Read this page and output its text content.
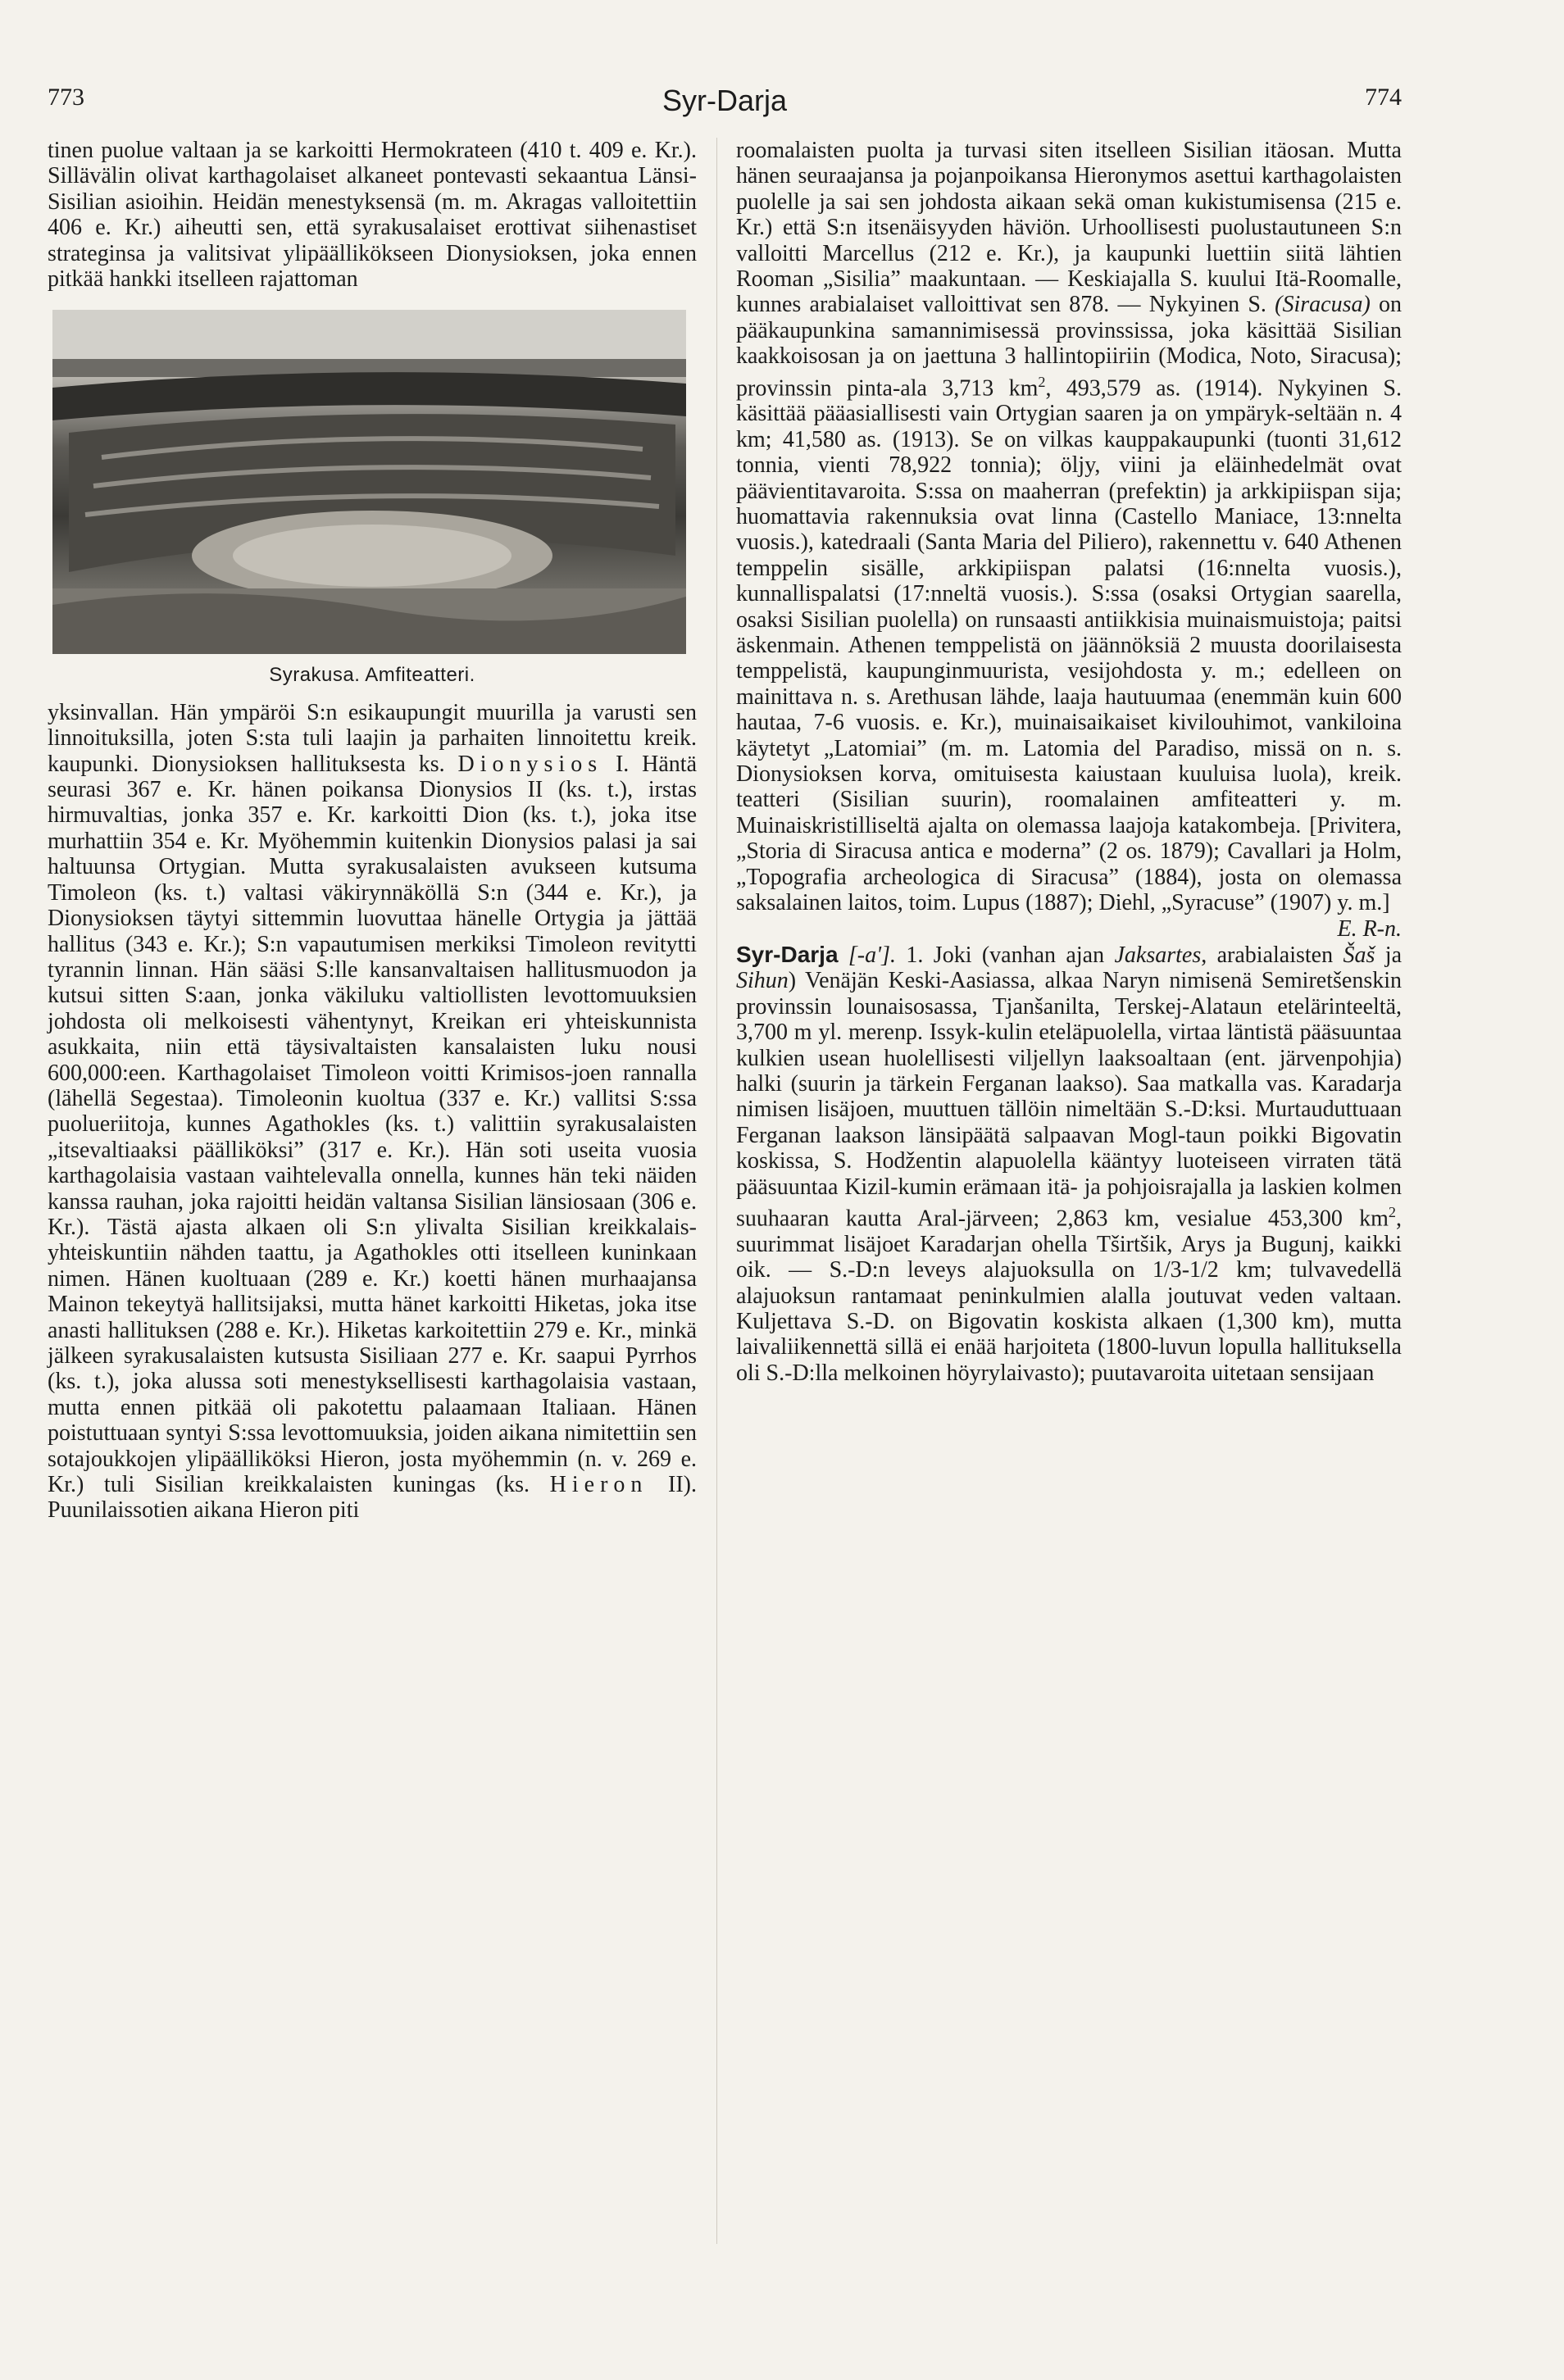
773	Syr-Darja	774

tinen puolue valtaan ja se karkoitti Hermokrateen (410 t. 409 e. Kr.). Sillävälin olivat karthagolaiset alkaneet pontevasti sekaantua Länsi-Sisilian asioihin. Heidän menestyksensä (m. m. Akragas valloitettiin 406 e. Kr.) aiheutti sen, että syrakusalaiset erottivat siihenastiset strateginsa ja valitsivat ylipäällikökseen Dionysioksen, joka ennen pitkää hankki itselleen rajattoman

Syrakusa. Amfiteatteri.

yksinvallan. Hän ympäröi S:n esikaupungit muurilla ja varusti sen linnoituksilla, joten S:sta tuli laajin ja parhaiten linnoitettu kreik. kaupunki. Dionysioksen hallituksesta ks. Dionysios I. Häntä seurasi 367 e. Kr. hänen poikansa Dionysios II (ks. t.), irstas hirmuvaltias, jonka 357 e. Kr. karkoitti Dion (ks. t.), joka itse murhattiin 354 e. Kr. Myöhemmin kuitenkin Dionysios palasi ja sai haltuunsa Ortygian. Mutta syrakusalaisten avukseen kutsuma Timoleon (ks. t.) valtasi väkirynnäköllä S:n (344 e. Kr.), ja Dionysioksen täytyi sittemmin luovuttaa hänelle Ortygia ja jättää hallitus (343 e. Kr.); S:n vapautumisen merkiksi Timoleon revitytti tyrannin linnan. Hän sääsi S:lle kansanvaltaisen hallitusmuodon ja kutsui sitten S:aan, jonka väkiluku valtiollisten levottomuuksien johdosta oli melkoisesti vähentynyt, Kreikan eri yhteiskunnista asukkaita, niin että täysivaltaisten kansalaisten luku nousi 600,000:een. Karthagolaiset Timoleon voitti Krimisos-joen rannalla (lähellä Segestaa). Timoleonin kuoltua (337 e. Kr.) vallitsi S:ssa puolueriitoja, kunnes Agathokles (ks. t.) valittiin syrakusalaisten „itsevaltiaaksi päälliköksi” (317 e. Kr.). Hän soti useita vuosia karthagolaisia vastaan vaihtelevalla onnella, kunnes hän teki näiden kanssa rauhan, joka rajoitti heidän valtansa Sisilian länsiosaan (306 e. Kr.). Tästä ajasta alkaen oli S:n ylivalta Sisilian kreikkalais-yhteiskuntiin nähden taattu, ja Agathokles otti itselleen kuninkaan nimen. Hänen kuoltuaan (289 e. Kr.) koetti hänen murhaajansa Mainon tekeytyä hallitsijaksi, mutta hänet karkoitti Hiketas, joka itse anasti hallituksen (288 e. Kr.). Hiketas karkoitettiin 279 e. Kr., minkä jälkeen syrakusalaisten kutsusta Sisiliaan 277 e. Kr. saapui Pyrrhos (ks. t.), joka alussa soti menestyksellisesti karthagolaisia vastaan, mutta ennen pitkää oli pakotettu palaamaan Italiaan. Hänen poistuttuaan syntyi S:ssa levottomuuksia, joiden aikana nimitettiin sen sotajoukkojen ylipäälliköksi Hieron, josta myöhemmin (n. v. 269 e. Kr.) tuli Sisilian kreikkalaisten kuningas (ks. Hieron II). Puunilaissotien aikana Hieron piti

roomalaisten puolta ja turvasi siten itselleen Sisilian itäosan. Mutta hänen seuraajansa ja pojanpoikansa Hieronymos asettui karthagolaisten puolelle ja sai sen johdosta aikaan sekä oman kukistumisensa (215 e. Kr.) että S:n itsenäisyyden häviön. Urhoollisesti puolustautuneen S:n valloitti Marcellus (212 e. Kr.), ja kaupunki luettiin siitä lähtien Rooman „Sisilia” maakuntaan. — Keskiajalla S. kuului Itä-Roomalle, kunnes arabialaiset valloittivat sen 878. — Nykyinen S. (Siracusa) on pääkaupunkina samannimisessä provinssissa, joka käsittää Sisilian kaakkoisosan ja on jaettuna 3 hallintopiiriin (Modica, Noto, Siracusa); provinssin pinta-ala 3,713 $km^2$, 493,579 as. (1914). Nykyinen S. käsittää pääasiallisesti vain Ortygian saaren ja on ympäryk-seltään n. 4 km; 41,580 as. (1913). Se on vilkas kauppakaupunki (tuonti 31,612 tonnia, vienti 78,922 tonnia); öljy, viini ja eläinhedelmät ovat päävientitavaroita. S:ssa on maaherran (prefektin) ja arkkipiispan sija; huomattavia rakennuksia ovat linna (Castello Maniace, 13:nnelta vuosis.), katedraali (Santa Maria del Piliero), rakennettu v. 640 Athenen temppelin sisälle, arkkipiispan palatsi (16:nnelta vuosis.), kunnallispalatsi (17:nneltä vuosis.). S:ssa (osaksi Ortygian saarella, osaksi Sisilian puolella) on runsaasti antiikkisia muinaismuistoja; paitsi äskenmain. Athenen temppelistä on jäännöksiä 2 muusta doorilaisesta temppelistä, kaupunginmuurista, vesijohdosta y. m.; edelleen on mainittava n. s. Arethusan lähde, laaja hautuumaa (enemmän kuin 600 hautaa, 7-6 vuosis. e. Kr.), muinaisaikaiset kivilouhimot, vankiloina käytetyt „Latomiai” (m. m. Latomia del Paradiso, missä on n. s. Dionysioksen korva, omituisesta kaiustaan kuuluisa luola), kreik. teatteri (Sisilian suurin), roomalainen amfiteatteri y. m. Muinaiskristilliseltä ajalta on olemassa laajoja katakombeja. [Privitera, „Storia di Siracusa antica e moderna” (2 os. 1879); Cavallari ja Holm, „Topografia archeologica di Siracusa” (1884), josta on olemassa saksalainen laitos, toim. Lupus (1887); Diehl, „Syracuse” (1907) y. m.]
E. R-n.

Syr-Darja [-a']. 1. Joki (vanhan ajan Jaksartes, arabialaisten Šaš ja Sihun) Venäjän Keski-Aasiassa, alkaa Naryn nimisenä Semiretšenskin provinssin lounaisosassa, Tjanšanilta, Terskej-Alataun etelärinteeltä, 3,700 m yl. merenp. Issyk-kulin eteläpuolella, virtaa läntistä pääsuuntaa kulkien usean huolellisesti viljellyn laaksoaltaan (ent. järvenpohjia) halki (suurin ja tärkein Ferganan laakso). Saa matkalla vas. Karadarja nimisen lisäjoen, muuttuen tällöin nimeltään S.-D:ksi. Murtauduttuaan Ferganan laakson länsipäätä salpaavan Mogl-taun poikki Bigovatin koskissa, S. Hodžentin alapuolella kääntyy luoteiseen virraten tätä pääsuuntaa Kizil-kumin erämaan itä- ja pohjoisrajalla ja laskien kolmen suuhaaran kautta Aral-järveen; 2,863 km, vesialue 453,300 $km^2$, suurimmat lisäjoet Karadarjan ohella Tširtšik, Arys ja Bugunj, kaikki oik. — S.-D:n leveys alajuoksulla on 1/3-1/2 km; tulvavedellä alajuoksun rantamaat peninkulmien alalla joutuvat veden valtaan. Kuljettava S.-D. on Bigovatin koskista alkaen (1,300 km), mutta laivaliikennettä sillä ei enää harjoiteta (1800-luvun lopulla hallituksella oli S.-D:lla melkoinen höyrylaivasto); puutavaroita uitetaan sensijaan
